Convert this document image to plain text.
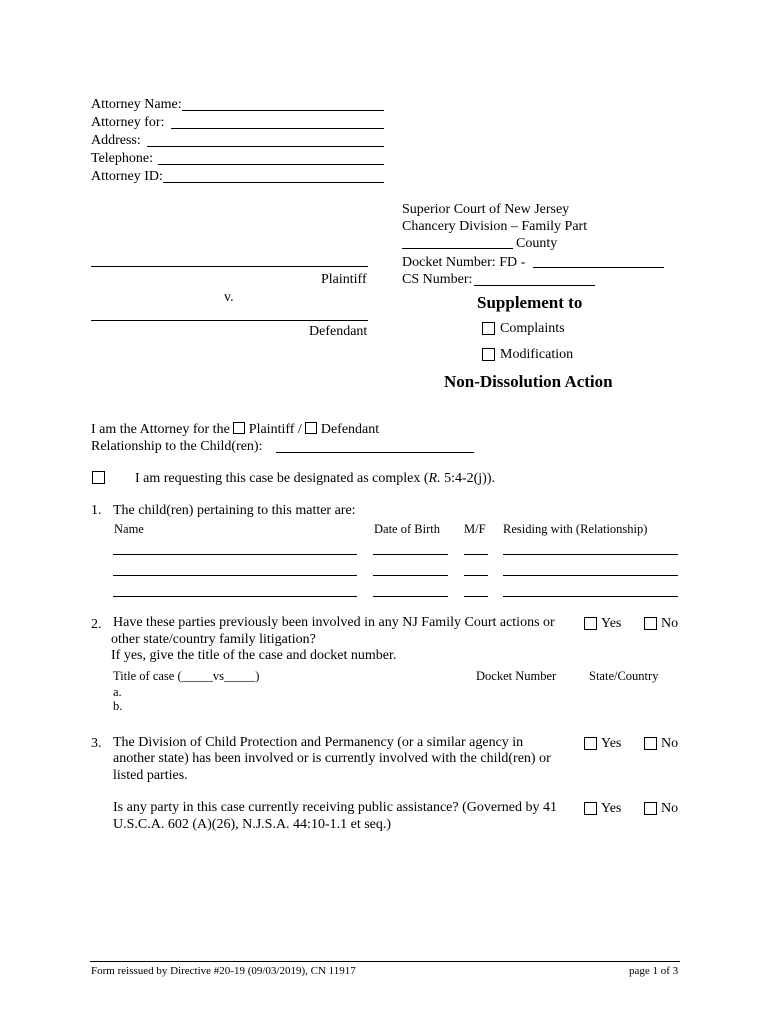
Attorney Name:
Attorney for:
Address:
Telephone:
Attorney ID:
Superior Court of New Jersey
Chancery Division – Family Part
County
Docket Number: FD -
CS Number:
Plaintiff
v.
Defendant
Supplement to
Complaints
Modification
Non-Dissolution Action
I am the Attorney for the Plaintiff / Defendant
Relationship to the Child(ren):
I am requesting this case be designated as complex (R. 5:4-2(j)).
1. The child(ren) pertaining to this matter are:
Name	Date of Birth M/F Residing with (Relationship)
2. Have these parties previously been involved in any NJ Family Court actions or
other state/country family litigation?
If yes, give the title of the case and docket number.
Yes	No
Title of case (_____vs_____)	Docket Number	State/Country
a.
b.
3. The Division of Child Protection and Permanency (or a similar agency in
another state) has been involved or is currently involved with the child(ren) or
listed parties.
Yes	No
Is any party in this case currently receiving public assistance? (Governed by 41
U.S.C.A. 602 (A)(26), N.J.S.A. 44:10-1.1 et seq.)
Yes	No
Form reissued by Directive #20-19 (09/03/2019), CN 11917	page 1 of 3
